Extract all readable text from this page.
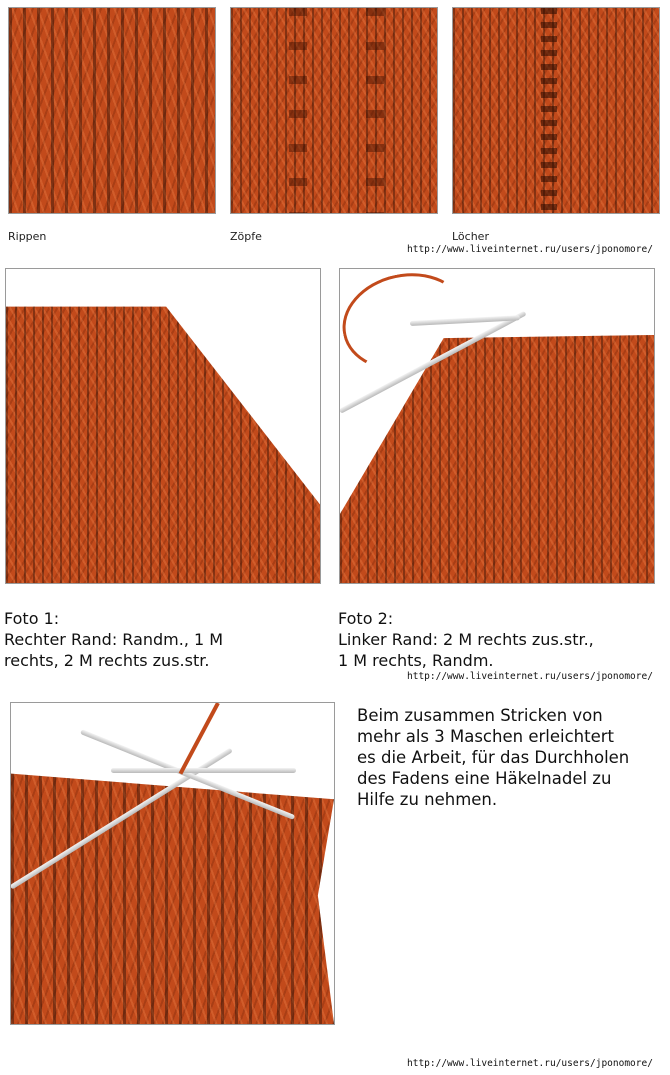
Rippen	Zöpfe	Löcher

http://www.liveinternet.ru/users/jponomore/

Foto 1:
Rechter Rand: Randm., 1 M
rechts, 2 M rechts zus.str.

Foto 2:
Linker Rand: 2 M rechts zus.str.,
1 M rechts, Randm.

http://www.liveinternet.ru/users/jponomore/

Beim zusammen Stricken von
mehr als 3 Maschen erleichtert
es die Arbeit, für das Durchholen
des Fadens eine Häkelnadel zu
Hilfe zu nehmen.

http://www.liveinternet.ru/users/jponomore/
